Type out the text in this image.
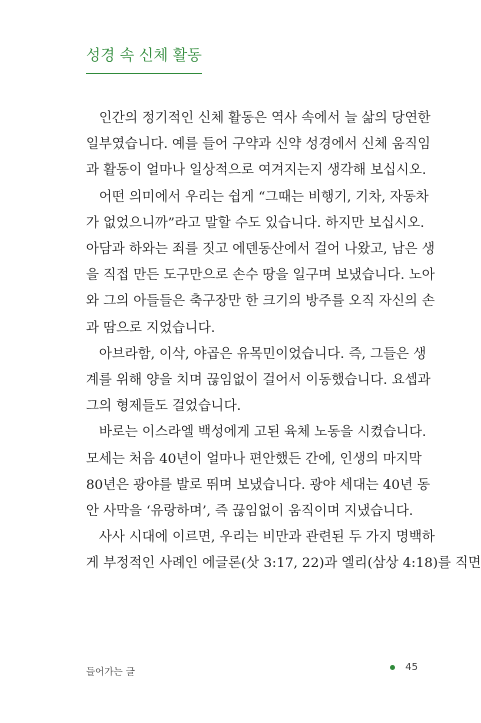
성경 속 신체 활동
인간의 정기적인 신체 활동은 역사 속에서 늘 삶의 당연한
일부였습니다. 예를 들어 구약과 신약 성경에서 신체 움직임
과 활동이 얼마나 일상적으로 여겨지는지 생각해 보십시오.
어떤 의미에서 우리는 쉽게 “그때는 비행기, 기차, 자동차
가 없었으니까”라고 말할 수도 있습니다. 하지만 보십시오.
아담과 하와는 죄를 짓고 에덴동산에서 걸어 나왔고, 남은 생
을 직접 만든 도구만으로 손수 땅을 일구며 보냈습니다. 노아
와 그의 아들들은 축구장만 한 크기의 방주를 오직 자신의 손
과 땀으로 지었습니다.
아브라함, 이삭, 야곱은 유목민이었습니다. 즉, 그들은 생
계를 위해 양을 치며 끊임없이 걸어서 이동했습니다. 요셉과
그의 형제들도 걸었습니다.
바로는 이스라엘 백성에게 고된 육체 노동을 시켰습니다.
모세는 처음 40년이 얼마나 편안했든 간에, 인생의 마지막
80년은 광야를 발로 뛰며 보냈습니다. 광야 세대는 40년 동
안 사막을 ‘유랑하며’, 즉 끊임없이 움직이며 지냈습니다.
사사 시대에 이르면, 우리는 비만과 관련된 두 가지 명백하
게 부정적인 사례인 에글론(삿 3:17, 22)과 엘리(삼상 4:18)를 직면
들어가는 글	45
